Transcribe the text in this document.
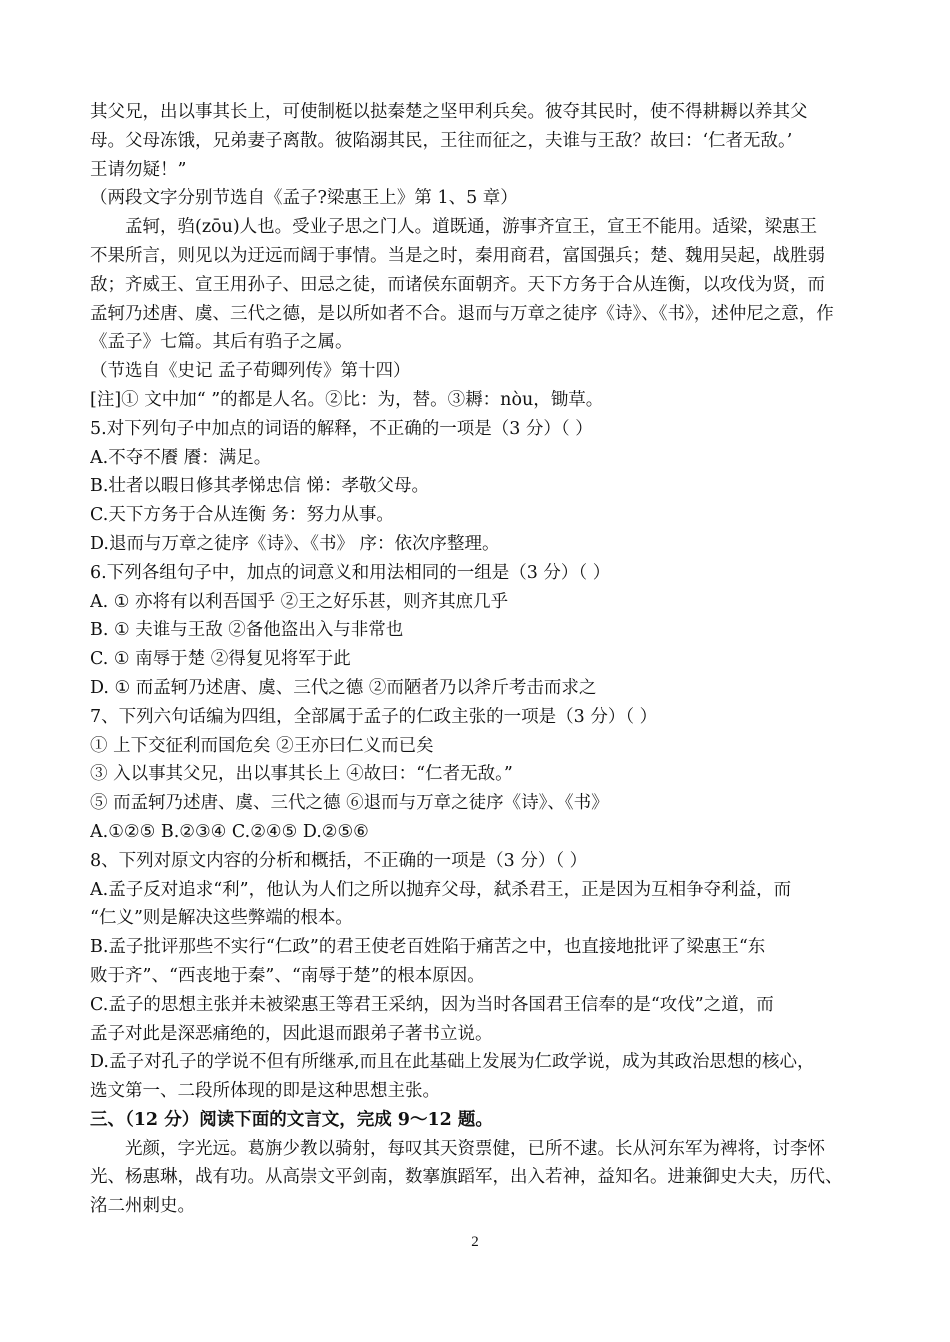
其父兄，出以事其长上，可使制梃以挞秦楚之坚甲利兵矣。彼夺其民时，使不得耕耨以养其父
母。父母冻饿，兄弟妻子离散。彼陷溺其民，王往而征之，夫谁与王敌？故曰：‘仁者无敌。’
王请勿疑！”
（两段文字分别节选自《孟子?梁惠王上》第 1、5 章）
孟轲，驺(zōu)人也。受业子思之门人。道既通，游事齐宣王，宣王不能用。适梁，梁惠王
不果所言，则见以为迂远而阔于事情。当是之时，秦用商君，富国强兵；楚、魏用吴起，战胜弱
敌；齐威王、宣王用孙子、田忌之徒，而诸侯东面朝齐。天下方务于合从连衡，以攻伐为贤，而
孟轲乃述唐、虞、三代之德，是以所如者不合。退而与万章之徒序《诗》、《书》，述仲尼之意，作
《孟子》七篇。其后有驺子之属。
（节选自《史记 孟子荀卿列传》第十四）
[注]① 文中加“ ”的都是人名。②比：为，替。③耨：nòu，锄草。
5.对下列句子中加点的词语的解释，不正确的一项是（3 分）（ ）
A.不夺不餍 餍：满足。
B.壮者以暇日修其孝悌忠信 悌：孝敬父母。
C.天下方务于合从连衡 务：努力从事。
D.退而与万章之徒序《诗》、《书》 序：依次序整理。
6.下列各组句子中，加点的词意义和用法相同的一组是（3 分）（ ）
A. ① 亦将有以利吾国乎 ②王之好乐甚，则齐其庶几乎
B. ① 夫谁与王敌 ②备他盗出入与非常也
C. ① 南辱于楚 ②得复见将军于此
D. ① 而孟轲乃述唐、虞、三代之德 ②而陋者乃以斧斤考击而求之
7、下列六句话编为四组，全部属于孟子的仁政主张的一项是（3 分）（ ）
① 上下交征利而国危矣 ②王亦曰仁义而已矣
③ 入以事其父兄，出以事其长上 ④故曰：“仁者无敌。”
⑤ 而孟轲乃述唐、虞、三代之德 ⑥退而与万章之徒序《诗》、《书》
A.①②⑤ B.②③④ C.②④⑤ D.②⑤⑥
8、下列对原文内容的分析和概括，不正确的一项是（3 分）（ ）
A.孟子反对追求“利”，他认为人们之所以抛弃父母，弑杀君王，正是因为互相争夺利益，而
“仁义”则是解决这些弊端的根本。
B.孟子批评那些不实行“仁政”的君王使老百姓陷于痛苦之中，也直接地批评了梁惠王“东
败于齐”、“西丧地于秦”、“南辱于楚”的根本原因。
C.孟子的思想主张并未被梁惠王等君王采纳，因为当时各国君王信奉的是“攻伐”之道，而
孟子对此是深恶痛绝的，因此退而跟弟子著书立说。
D.孟子对孔子的学说不但有所继承,而且在此基础上发展为仁政学说，成为其政治思想的核心，
选文第一、二段所体现的即是这种思想主张。
三、（12 分）阅读下面的文言文，完成 9～12 题。
光颜，字光远。葛旃少教以骑射，每叹其天资票健，已所不逮。长从河东军为裨将，讨李怀
光、杨惠琳，战有功。从高崇文平剑南，数搴旗蹈军，出入若神，益知名。进兼御史大夫，历代、
洺二州刺史。
2
